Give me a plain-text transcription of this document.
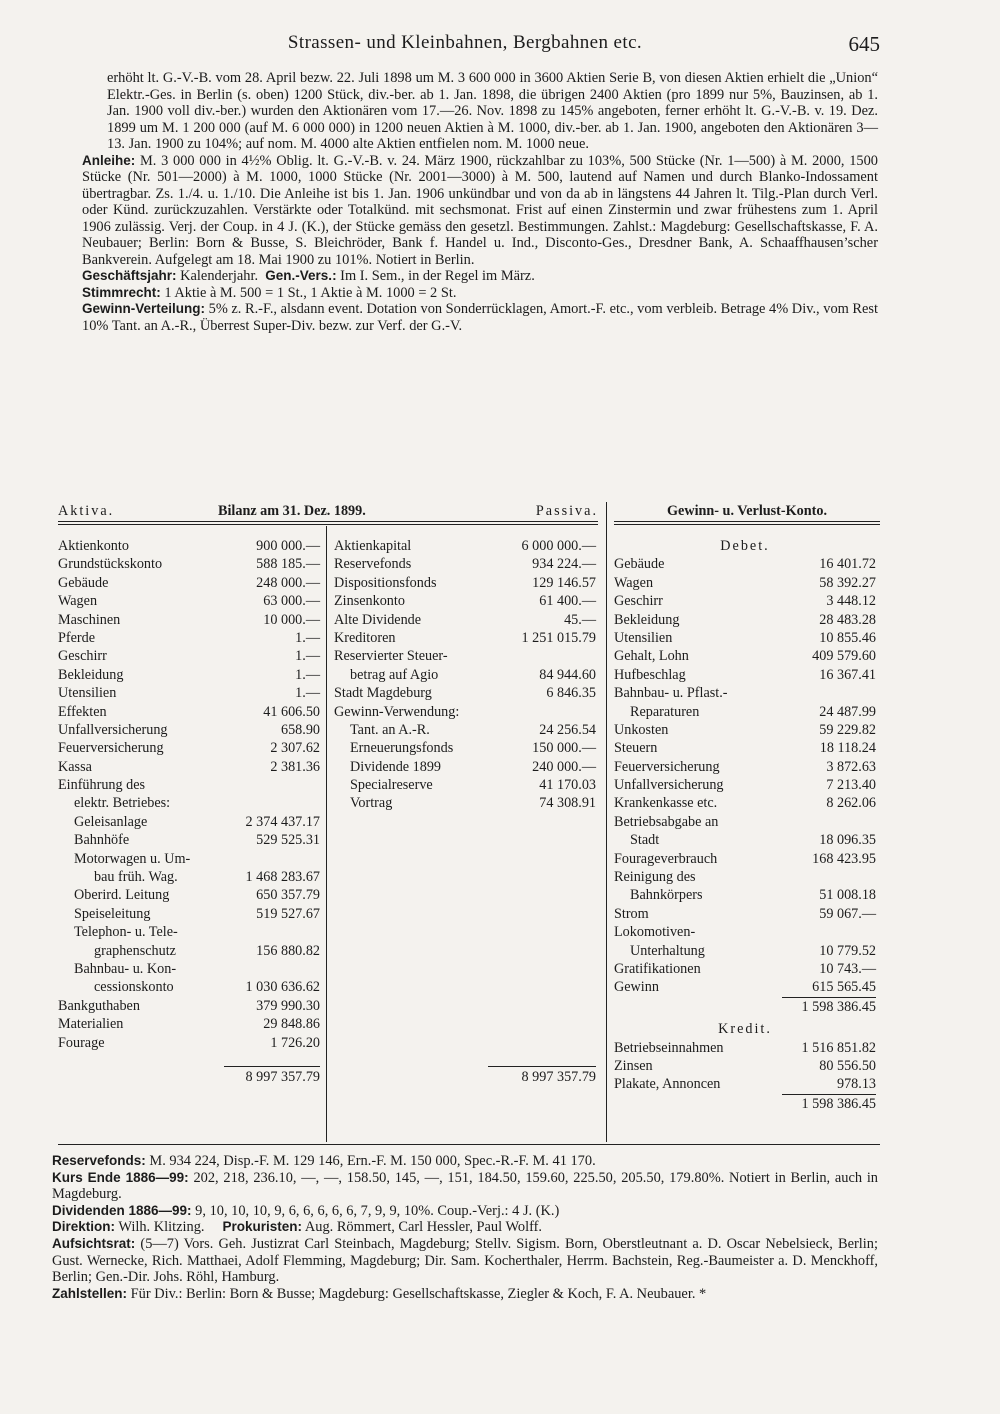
Strassen- und Kleinbahnen, Bergbahnen etc.	645

erhöht lt. G.-V.-B. vom 28. April bezw. 22. Juli 1898 um M. 3 600 000 in 3600 Aktien Serie B, von diesen Aktien erhielt die „Union“ Elektr.-Ges. in Berlin (s. oben) 1200 Stück, div.-ber. ab 1. Jan. 1898, die übrigen 2400 Aktien (pro 1899 nur 5%, Bauzinsen, ab 1. Jan. 1900 voll div.-ber.) wurden den Aktionären vom 17.—26. Nov. 1898 zu 145% angeboten, ferner erhöht lt. G.-V.-B. v. 19. Dez. 1899 um M. 1 200 000 (auf M. 6 000 000) in 1200 neuen Aktien à M. 1000, div.-ber. ab 1. Jan. 1900, angeboten den Aktionären 3—13. Jan. 1900 zu 104%; auf nom. M. 4000 alte Aktien entfielen nom. M. 1000 neue.

Anleihe: M. 3 000 000 in 4½% Oblig. lt. G.-V.-B. v. 24. März 1900, rückzahlbar zu 103%, 500 Stücke (Nr. 1—500) à M. 2000, 1500 Stücke (Nr. 501—2000) à M. 1000, 1000 Stücke (Nr. 2001—3000) à M. 500, lautend auf Namen und durch Blanko-Indossament übertragbar. Zs. 1./4. u. 1./10. Die Anleihe ist bis 1. Jan. 1906 unkündbar und von da ab in längstens 44 Jahren lt. Tilg.-Plan durch Verl. oder Künd. zurückzuzahlen. Verstärkte oder Totalkünd. mit sechsmonat. Frist auf einen Zinstermin und zwar frühestens zum 1. April 1906 zulässig. Verj. der Coup. in 4 J. (K.), der Stücke gemäss den gesetzl. Bestimmungen. Zahlst.: Magdeburg: Gesellschaftskasse, F. A. Neubauer; Berlin: Born & Busse, S. Bleichröder, Bank f. Handel u. Ind., Disconto-Ges., Dresdner Bank, A. Schaaffhausen’scher Bankverein. Aufgelegt am 18. Mai 1900 zu 101%. Notiert in Berlin.

Geschäftsjahr: Kalenderjahr. Gen.-Vers.: Im I. Sem., in der Regel im März.

Stimmrecht: 1 Aktie à M. 500 = 1 St., 1 Aktie à M. 1000 = 2 St.

Gewinn-Verteilung: 5% z. R.-F., alsdann event. Dotation von Sonderrücklagen, Amort.-F. etc., vom verbleib. Betrage 4% Div., vom Rest 10% Tant. an A.-R., Überrest Super-Div. bezw. zur Verf. der G.-V.

Aktiva.	Bilanz am 31. Dez. 1899.	Passiva.	Gewinn- u. Verlust-Konto.
Aktienkonto	900 000.—
Grundstückskonto	588 185.—
Gebäude	248 000.—
Wagen	63 000.—
Maschinen	10 000.—
Pferde	1.—
Geschirr	1.—
Bekleidung	1.—
Utensilien	1.—
Effekten	41 606.50
Unfallversicherung	658.90
Feuerversicherung	2 307.62
Kassa	2 381.36
Einführung des
elektr. Betriebes:
Geleisanlage	2 374 437.17
Bahnhöfe	529 525.31
Motorwagen u. Um-
bau früh. Wag.	1 468 283.67
Oberird. Leitung	650 357.79
Speiseleitung	519 527.67
Telephon- u. Tele-
graphenschutz	156 880.82
Bahnbau- u. Kon-
cessionskonto	1 030 636.62
Bankguthaben	379 990.30
Materialien	29 848.86
Fourage	1 726.20
8 997 357.79
Aktienkapital	6 000 000.—
Reservefonds	934 224.—
Dispositionsfonds	129 146.57
Zinsenkonto	61 400.—
Alte Dividende	45.—
Kreditoren	1 251 015.79
Reservierter Steuer-
betrag auf Agio	84 944.60
Stadt Magdeburg	6 846.35
Gewinn-Verwendung:
Tant. an A.-R.	24 256.54
Erneuerungsfonds	150 000.—
Dividende 1899	240 000.—
Specialreserve	41 170.03
Vortrag	74 308.91
8 997 357.79
Debet.
Gebäude	16 401.72
Wagen	58 392.27
Geschirr	3 448.12
Bekleidung	28 483.28
Utensilien	10 855.46
Gehalt, Lohn	409 579.60
Hufbeschlag	16 367.41
Bahnbau- u. Pflast.-
Reparaturen	24 487.99
Unkosten	59 229.82
Steuern	18 118.24
Feuerversicherung	3 872.63
Unfallversicherung	7 213.40
Krankenkasse etc.	8 262.06
Betriebsabgabe an
Stadt	18 096.35
Fourageverbrauch	168 423.95
Reinigung des
Bahnkörpers	51 008.18
Strom	59 067.—
Lokomotiven-
Unterhaltung	10 779.52
Gratifikationen	10 743.—
Gewinn	615 565.45
1 598 386.45
Kredit.
Betriebseinnahmen	1 516 851.82
Zinsen	80 556.50
Plakate, Annoncen	978.13
1 598 386.45

Reservefonds: M. 934 224, Disp.-F. M. 129 146, Ern.-F. M. 150 000, Spec.-R.-F. M. 41 170.

Kurs Ende 1886—99: 202, 218, 236.10, —, —, 158.50, 145, —, 151, 184.50, 159.60, 225.50, 205.50, 179.80%. Notiert in Berlin, auch in Magdeburg.

Dividenden 1886—99: 9, 10, 10, 10, 9, 6, 6, 6, 6, 6, 7, 9, 9, 10%. Coup.-Verj.: 4 J. (K.)

Direktion: Wilh. Klitzing. Prokuristen: Aug. Römmert, Carl Hessler, Paul Wolff.

Aufsichtsrat: (5—7) Vors. Geh. Justizrat Carl Steinbach, Magdeburg; Stellv. Sigism. Born, Oberstleutnant a. D. Oscar Nebelsieck, Berlin; Gust. Wernecke, Rich. Matthaei, Adolf Flemming, Magdeburg; Dir. Sam. Kocherthaler, Herrm. Bachstein, Reg.-Baumeister a. D. Menckhoff, Berlin; Gen.-Dir. Johs. Röhl, Hamburg.

Zahlstellen: Für Div.: Berlin: Born & Busse; Magdeburg: Gesellschaftskasse, Ziegler & Koch, F. A. Neubauer. *
